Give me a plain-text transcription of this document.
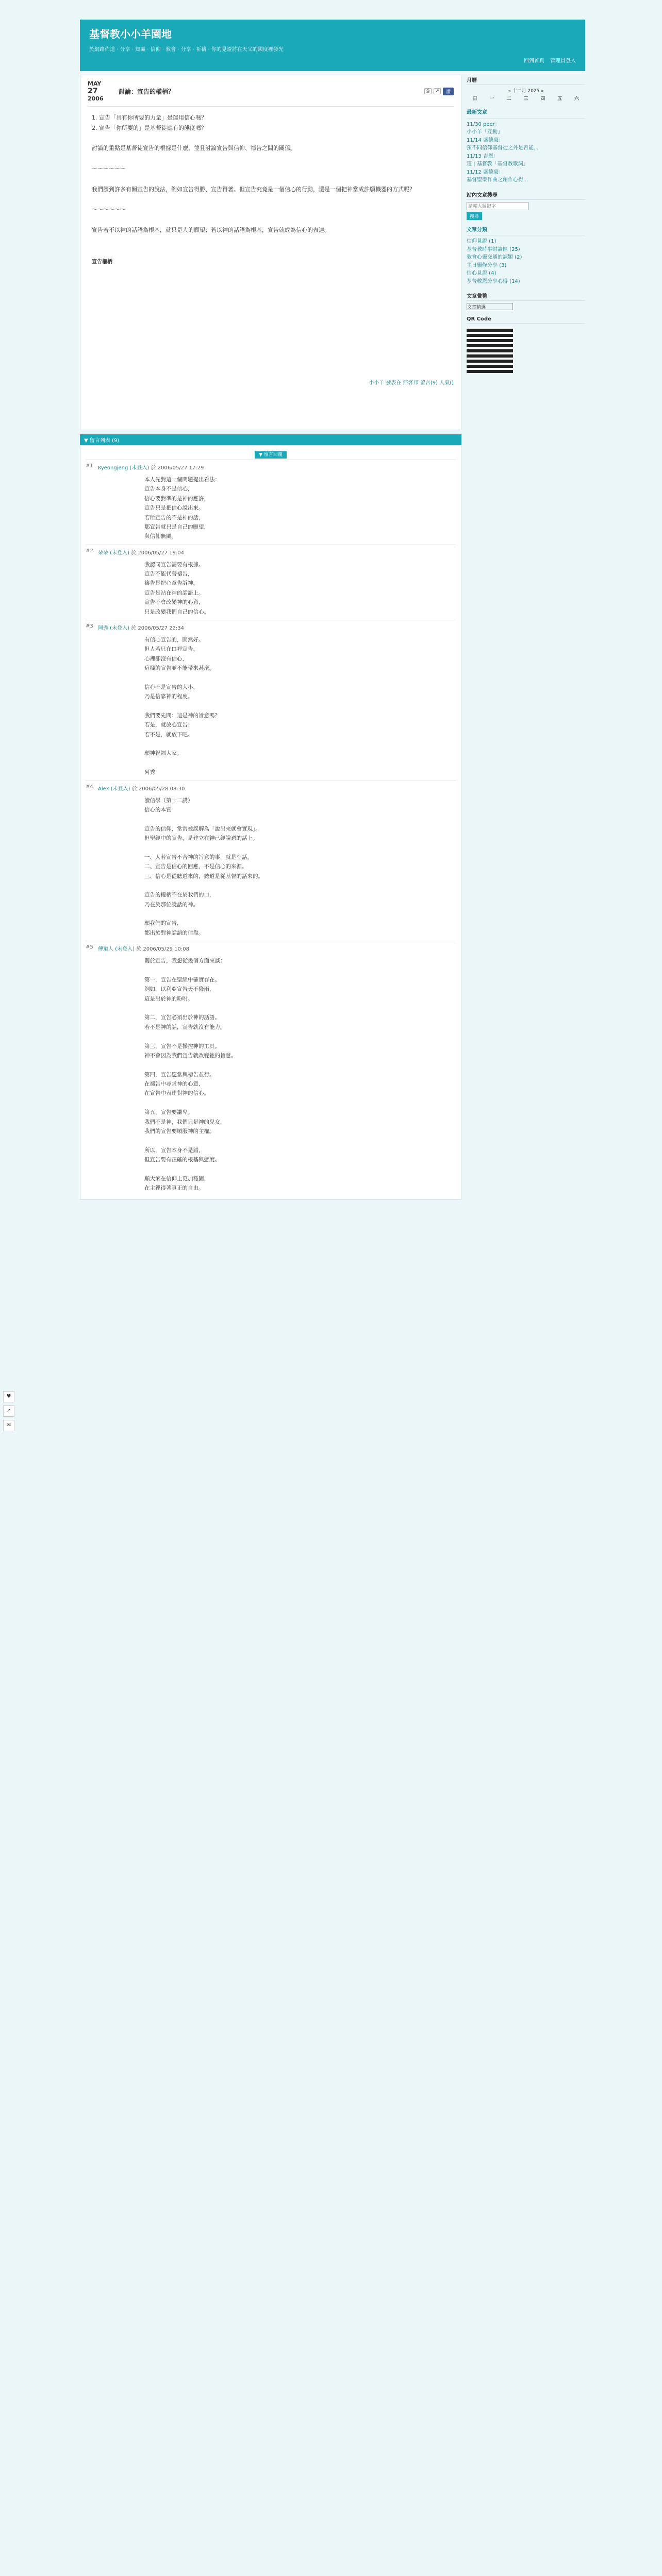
基督教小小羊園地
於網路佈道 · 分享 · 知識 · 信仰 · 教會 · 分享 · 祈禱 · 你的見證將在天父的國度裡發光
回到首頁 管理員登入
MAY
27
2006
討論：宣告的權柄？	⎙	↗	讚
1. 宣告「具有你所要的力量」是運用信心嗎？
2. 宣告「你所要的」是基督徒應有的態度嗎？

討論的重點是基督徒宣告的根據是什麼，並且討論宣告與信仰、禱告之間的關係。

～～～～～～

我們讀到許多有關宣告的說法，例如宣告得勝、宣告得著。但宣告究竟是一個信心的行動，還是一個把神當成許願機器的方式呢？

～～～～～～

宣告若不以神的話語為根基，就只是人的願望；若以神的話語為根基，宣告就成為信心的表達。
宣告權柄
小小羊 發表在 痞客邦 留言(9) 人氣()
▼ 留言列表 (9)
▼ 留言回覆
#1 Kyeongjeng (未登入) 於 2006/05/27 17:29
本人先對這一個問題提出看法：
宣告本身不是信心，
信心要對準的是神的應許，
宣告只是把信心說出來。
若所宣告的不是神的話，
那宣告就只是自己的願望，
與信仰無關。
#2 朵朵 (未登入) 於 2006/05/27 19:04
我認同宣告需要有根據。
宣告不能代替禱告，
禱告是把心意告訴神，
宣告是站在神的話語上。
宣告不會改變神的心意，
只是改變我們自己的信心。
#3 阿秀 (未登入) 於 2006/05/27 22:34
有信心宣告的，固然好。
但人若只在口裡宣告，
心裡卻沒有信心，
這樣的宣告並不能帶來甚麼。

信心不是宣告的大小，
乃是信靠神的程度。

我們要先問：這是神的旨意嗎？
若是，就放心宣告；
若不是，就放下吧。

願神祝福大家。

阿秀
#4 Alex (未登入) 於 2006/05/28 08:30
讀信學（第十二講）
信心的本質

宣告的信仰，常常被誤解為「說出來就會實現」。
但聖經中的宣告，是建立在神已經說過的話上。

一、人若宣告不合神的旨意的事，就是空話。
二、宣告是信心的回應，不是信心的來源。
三、信心是從聽道來的，聽道是從基督的話來的。

宣告的權柄不在於我們的口，
乃在於那位說話的神。

願我們的宣告，
都出於對神話語的信靠。
#5 傳道人 (未登入) 於 2006/05/29 10:08
關於宣告，我想從幾個方面來談：

第一，宣告在聖經中確實存在。
例如，以利亞宣告天不降雨，
這是出於神的吩咐。

第二，宣告必須出於神的話語。
若不是神的話，宣告就沒有能力。

第三，宣告不是操控神的工具。
神不會因為我們宣告就改變祂的旨意。

第四，宣告應當與禱告並行。
在禱告中尋求神的心意，
在宣告中表達對神的信心。

第五，宣告要謙卑。
我們不是神，我們只是神的兒女，
我們的宣告要順服神的主權。

所以，宣告本身不是錯，
但宣告要有正確的根基與態度。

願大家在信仰上更加穩固，
在主裡得著真正的自由。
月曆
« 十二月 2025 »
日	一	二	三	四	五	六
最新文章
11/30 peer：
小小羊「互動」
11/14 盛德豪：
預不同信仰基督徒之外是否能...
11/13 吉恩：
這 | 基督教「基督教歌詞」
11/12 盛德豪：
基督聖樂作曲之創作心得...
站內文章搜尋
請輸入關鍵字
搜尋
文章分類
信仰見證 (1)
基督教時事討論區 (25)
教會心靈交通的課題 (2)
主日靈修分享 (3)
信心見證 (4)
基督救恩分享心得 (14)
文章彙整
文章精選
QR Code
♥
↗
✉
